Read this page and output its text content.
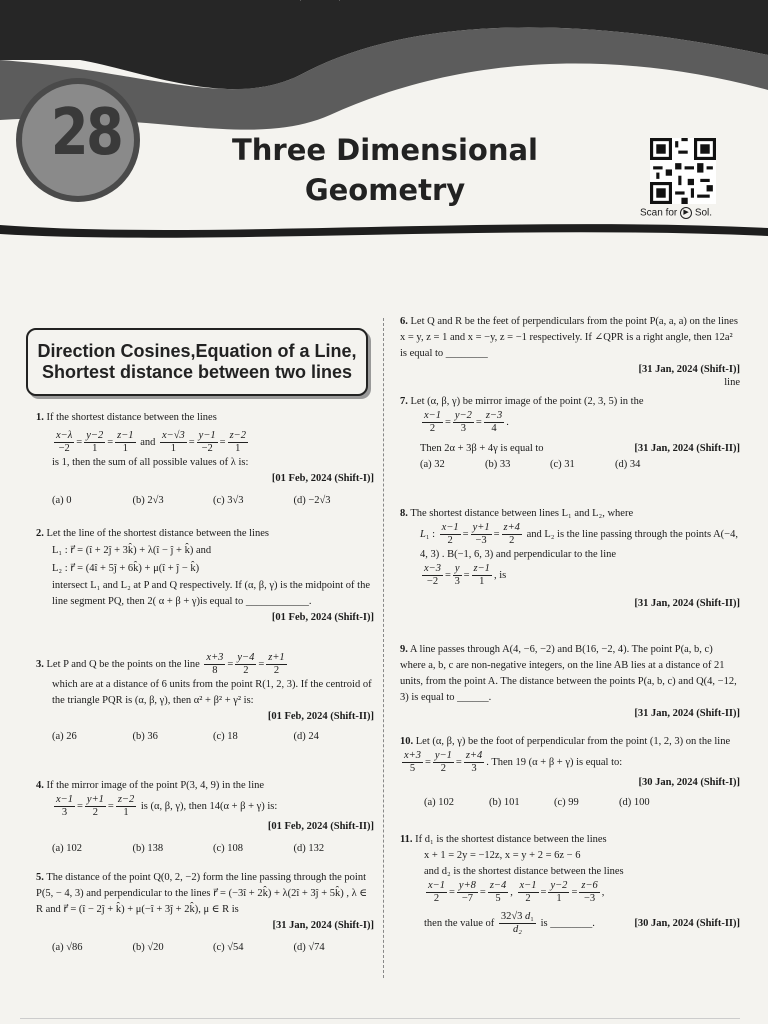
28	Three Dimensional
Geometry
Scan for ▶ Sol.
Direction Cosines,Equation of a Line,
Shortest distance between two lines
1. If the shortest distance between the lines
$\frac{x-\lambda}{-2} = \frac{y-2}{1} = \frac{z-1}{1}$ and $\frac{x-√3}{1} = \frac{y-1}{-2} = \frac{z-2}{1}$
is 1, then the sum of all possible values of λ is:
[01 Feb, 2024 (Shift-I)]
(a) 0	(b) 2√3	(c) 3√3	(d) −2√3
2. Let the line of the shortest distance between the lines
L₁ : r⃗ = (î + 2ĵ + 3k̂) + λ(î − ĵ + k̂) and
L₂ : r⃗ = (4î + 5ĵ + 6k̂) + μ(î + ĵ − k̂)
intersect L₁ and L₂ at P and Q respectively. If (α, β, γ) is the midpoint of the line segment PQ, then 2( α + β + γ)is equal to ____________.
[01 Feb, 2024 (Shift-I)]
3. Let P and Q be the points on the line $\frac{x+3}{8} = \frac{y-4}{2} = \frac{z+1}{2}$
which are at a distance of 6 units from the point R(1, 2, 3). If the centroid of the triangle PQR is (α, β, γ), then α² + β² + γ² is:
[01 Feb, 2024 (Shift-II)]
(a) 26	(b) 36	(c) 18	(d) 24
4. If the mirror image of the point P(3, 4, 9) in the line
$\frac{x-1}{3} = \frac{y+1}{2} = \frac{z-2}{1}$ is (α, β, γ), then 14(α + β + γ) is:
[01 Feb, 2024 (Shift-II)]
(a) 102	(b) 138	(c) 108	(d) 132
5. The distance of the point Q(0, 2, −2) form the line passing through the point P(5, − 4, 3) and perpendicular to the lines r⃗ = (−3î + 2k̂) + λ(2î + 3ĵ + 5k̂) , λ ∈ R and r⃗ = (î − 2ĵ + k̂) + μ(−î + 3ĵ + 2k̂), μ ∈ R is
[31 Jan, 2024 (Shift-I)]
(a) √86	(b) √20	(c) √54	(d) √74
6. Let Q and R be the feet of perpendiculars from the point P(a, a, a) on the lines x = y, z = 1 and x = −y, z = −1 respectively. If ∠QPR is a right angle, then 12a² is equal to ________
[31 Jan, 2024 (Shift-I)]
line
7. Let (α, β, γ) be mirror image of the point (2, 3, 5) in the
$\frac{x-1}{2} = \frac{y-2}{3} = \frac{z-3}{4}$ .
Then 2α + 3β + 4γ is equal to	[31 Jan, 2024 (Shift-II)]
(a) 32	(b) 33	(c) 31	(d) 34
8. The shortest distance between lines L₁ and L₂, where
L₁ : $\frac{x-1}{2} = \frac{y+1}{-3} = \frac{z+4}{2}$ and L₂ is the line passing through the points A(−4, 4, 3) . B(−1, 6, 3) and perpendicular to the line
$\frac{x-3}{-2} = \frac{y}{3} = \frac{z-1}{1}$ , is
[31 Jan, 2024 (Shift-II)]
9. A line passes through A(4, −6, −2) and B(16, −2, 4). The point P(a, b, c) where a, b, c are non-negative integers, on the line AB lies at a distance of 21 units, from the point A. The distance between the points P(a, b, c) and Q(4, −12, 3) is equal to ______.
[31 Jan, 2024 (Shift-II)]
10. Let (α, β, γ) be the foot of perpendicular from the point (1, 2, 3) on the line
$\frac{x+3}{5} = \frac{y-1}{2} = \frac{z+4}{3}$ . Then 19 (α + β + γ) is equal to:
[30 Jan, 2024 (Shift-I)]
(a) 102	(b) 101	(c) 99	(d) 100
11. If d₁ is the shortest distance between the lines
x + 1 = 2y = −12z, x = y + 2 = 6z − 6
and d₂ is the shortest distance between the lines
$\frac{x-1}{2} = \frac{y+8}{-7} = \frac{z-4}{5}$ , $\frac{x-1}{2} = \frac{y-2}{1} = \frac{z-6}{-3}$ ,
then the value of $\frac{\text{32√3 d₁}}{\text{d₂}}$ is ________.	[30 Jan, 2024 (Shift-II)]
